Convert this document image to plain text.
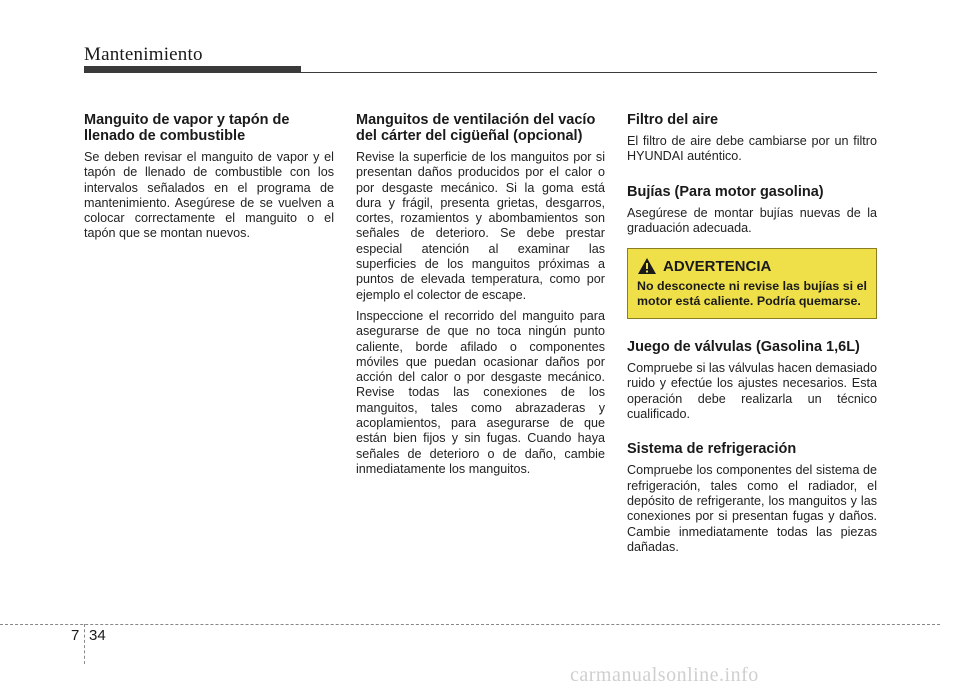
Mantenimiento
Manguito de vapor y tapón de llenado de combustible

Se deben revisar el manguito de vapor y el tapón de llenado de combustible con los intervalos señalados en el programa de mantenimiento. Asegúrese de se vuelven a colocar correctamente el manguito o el tapón que se montan nuevos.

Manguitos de ventilación del vacío del cárter del cigüeñal (opcional)

Revise la superficie de los manguitos por si presentan daños producidos por el calor o por desgaste mecánico. Si la goma está dura y frágil, presenta grietas, desgarros, cortes, rozamientos y abombamientos son señales de deterioro. Se debe prestar especial atención al examinar las superficies de los manguitos próximas a puntos de elevada temperatura, como por ejemplo el colector de escape.

Inspeccione el recorrido del manguito para asegurarse de que no toca ningún punto caliente, borde afilado o componentes móviles que puedan ocasionar daños por acción del calor o por desgaste mecánico. Revise todas las conexiones de los manguitos, tales como abrazaderas y acoplamientos, para asegurarse de que están bien fijos y sin fugas. Cuando haya señales de deterioro o de daño, cambie inmediatamente los manguitos.

Filtro del aire

El filtro de aire debe cambiarse por un filtro HYUNDAI auténtico.

Bujías (Para motor gasolina)

Asegúrese de montar bujías nuevas de la graduación adecuada.

ADVERTENCIA

No desconecte ni revise las bujías si el motor está caliente. Podría quemarse.

Juego de válvulas (Gasolina 1,6L)

Compruebe si las válvulas hacen demasiado ruido y efectúe los ajustes necesarios. Esta operación debe realizarla un técnico cualificado.

Sistema de refrigeración

Compruebe los componentes del sistema de refrigeración, tales como el radiador, el depósito de refrigerante, los manguitos y las conexiones por si presentan fugas y daños. Cambie inmediatamente todas las piezas dañadas.

7 34
carmanualsonline.info
